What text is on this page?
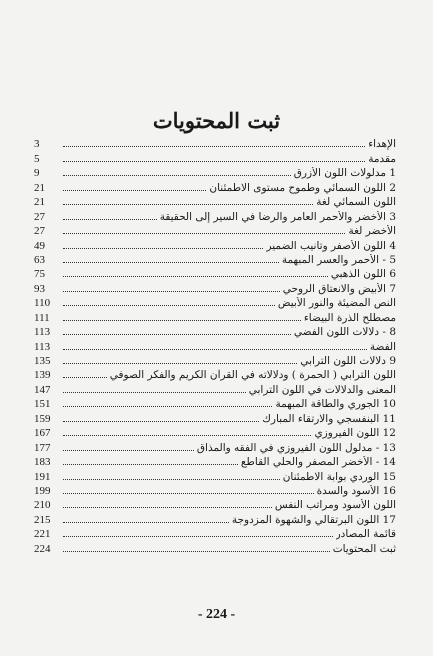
ثبت المحتويات
3	الإهداء
5	مقدمة
9	1 مدلولات اللون الأزرق
21	2 اللون السمائي وطموح مستوى الاطمئنان
21	اللون السمائي لغة
27	3 الأخضر والأحمر العامر والرضا في السير إلى الحقيقة
27	الأخضر لغة
49	4 اللون الأصفر وتأنيب الضمير
63	5 - الأحمر والعسر المبهمة
75	6 اللون الذهبي
93	7 الأبيض والانعتاق الروحي
110	النص المضيئة والنور الأبيض
111	مصطلح الذرة البيضاء
113	8 - دلالات اللون الفضي
113	الفضة
135	9 دلالات اللون الترابي
139	اللون الترابي ( الحمرة ) ودلالاته في القرآن الكريم والفكر الصوفي
147	المعنى والدلالات في اللون الترابي
151	10 الجوري والطاقة المبهمة
159	11 البنفسجي والارتقاء المبارك
167	12 اللون الفيروزي
177	13 - مدلول اللون الفيروزي في الفقه والمذاق
183	14 - الأخضر المصفر والحلي القاطع
191	15 الوردي بوابة الاطمئنان
199	16 الأسود والسدة
210	اللون الأسود ومراتب النفس
215	17 اللون البرتقالي والشهوة المزدوجة
221	قائمة المصادر
224	ثبت المحتويات
- 224 -
